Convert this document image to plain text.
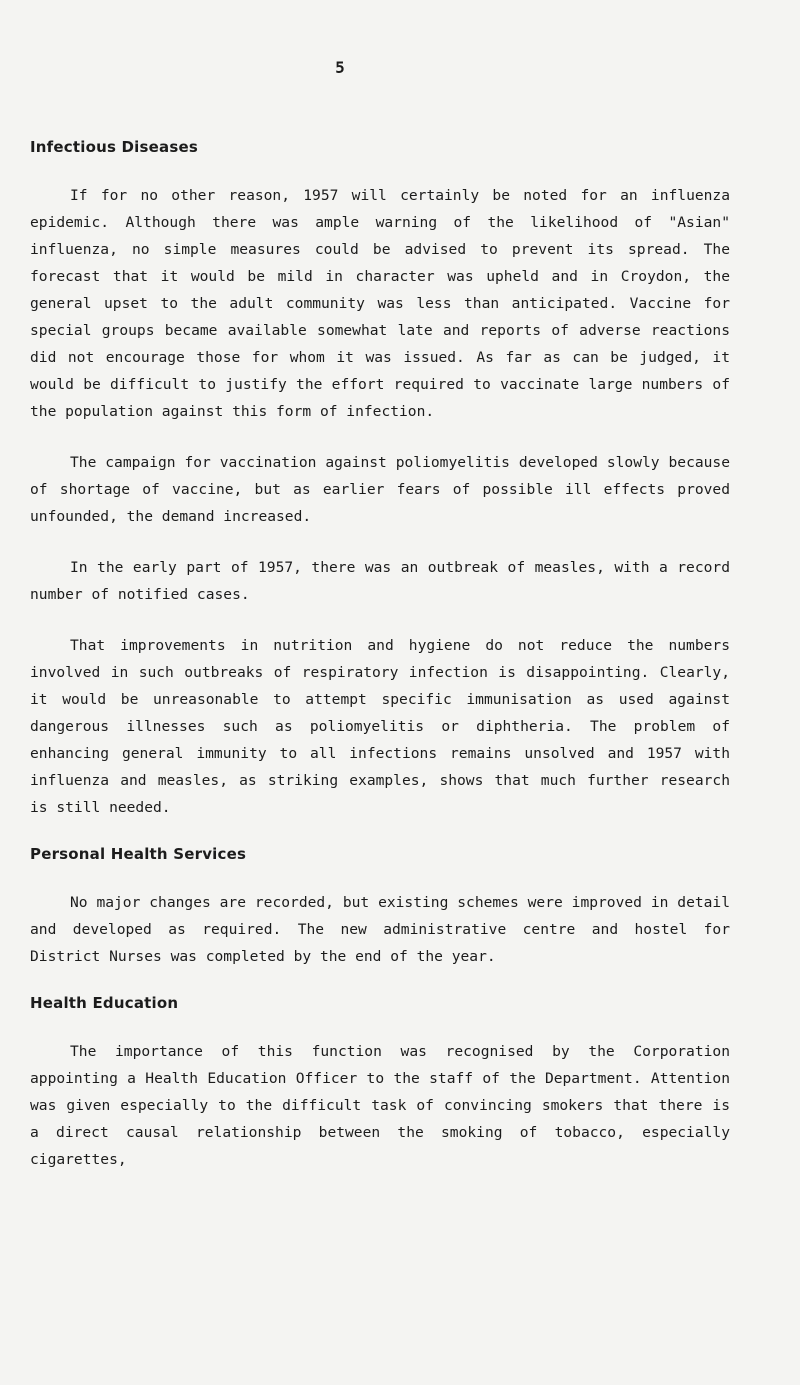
5
Infectious Diseases

If for no other reason, 1957 will certainly be noted for an influenza epidemic. Although there was ample warning of the likelihood of "Asian" influenza, no simple measures could be advised to prevent its spread. The forecast that it would be mild in character was upheld and in Croydon, the general upset to the adult community was less than anticipated. Vaccine for special groups became available somewhat late and reports of adverse reactions did not encourage those for whom it was issued. As far as can be judged, it would be difficult to justify the effort required to vaccinate large numbers of the population against this form of infection.

The campaign for vaccination against poliomyelitis developed slowly because of shortage of vaccine, but as earlier fears of possible ill effects proved unfounded, the demand increased.

In the early part of 1957, there was an outbreak of measles, with a record number of notified cases.

That improvements in nutrition and hygiene do not reduce the numbers involved in such outbreaks of respiratory infection is disappointing. Clearly, it would be unreasonable to attempt specific immunisation as used against dangerous illnesses such as poliomyelitis or diphtheria. The problem of enhancing general immunity to all infections remains unsolved and 1957 with influenza and measles, as striking examples, shows that much further research is still needed.

Personal Health Services

No major changes are recorded, but existing schemes were improved in detail and developed as required. The new administrative centre and hostel for District Nurses was completed by the end of the year.

Health Education

The importance of this function was recognised by the Corporation appointing a Health Education Officer to the staff of the Department. Attention was given especially to the difficult task of convincing smokers that there is a direct causal relationship between the smoking of tobacco, especially cigarettes,
